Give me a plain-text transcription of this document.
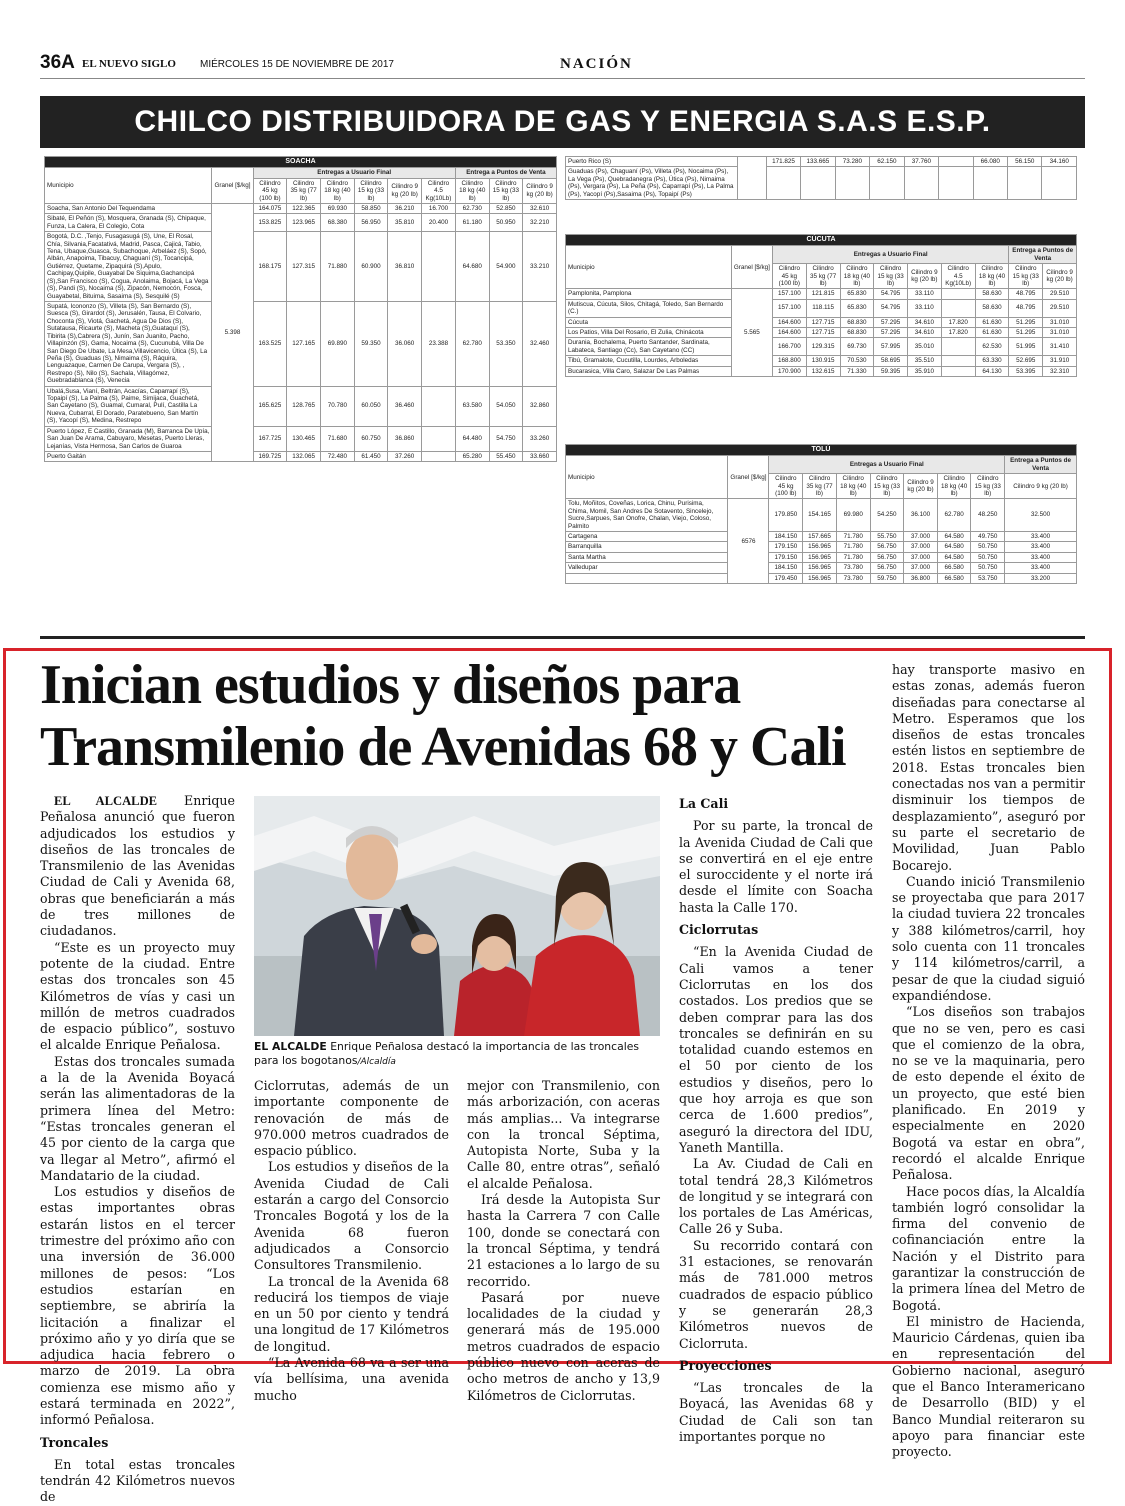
36A EL NUEVO SIGLO MIÉRCOLES 15 DE NOVIEMBRE DE 2017	NACIÓN
CHILCO DISTRIBUIDORA DE GAS Y ENERGIA S.A.S E.S.P.
SOACHA										
Municipio	Granel [$/kg]	Entregas a Usuario Final						Entrega a Puntos de Venta		
		Cilindro 45 kg (100 lb)	Cilindro 35 kg (77 lb)	Cilindro 18 kg (40 lb)	Cilindro 15 kg (33 lb)	Cilindro 9 kg (20 lb)	Cilindro 4.5 Kg(10Lb)	Cilindro 18 kg (40 lb)	Cilindro 15 kg (33 lb)	Cilindro 9 kg (20 lb)
Soacha, San Antonio Del Tequendama	5.398	164.075	122.365	69.930	58.850	36.210	16.700	62.730	52.850	32.610
Sibaté, El Peñón (S), Mosquera, Granada (S), Chipaque, Funza, La Calera, El Colegio, Cota		153.825	123.965	68.380	56.950	35.810	20.400	61.180	50.950	32.210
Bogotá, D.C. ,Tenjo, Fusagasugá (S), Une, El Rosal, Chía, Silvania,Facatativá, Madrid, Pasca, Cajicá, Tabio, Tena, Ubaque,Guasca, Subachoque, Arbeláez (S), Sopó, Albán, Anapoima, Tibacuy, Chaguaní (S), Tocancipá, Gutiérrez, Quetame, Zipaquirá (S),Apulo, Cachipay,Quipile, Guayabal De Siquima,Gachancipá (S),San Francisco (S), Cogua, Anolaima, Bojacá, La Vega (S), Pandi (S), Nocaima (S), Zipacón, Nemocón, Fosca, Guayabetal, Bituima, Sasaima (S), Sesquilé (S)		168.175	127.315	71.880	60.900	36.810		64.680	54.900	33.210
Supatá, Icononzo (S), Villeta (S), San Bernardo (S), Suesca (S), Girardot (S), Jerusalén, Tausa, El Colvario, Choconta (S), Viotá, Gachetá, Agua De Dios (S), Sutatausa, Ricaurte (S), Macheta (S),Guataquí (S), Tibirita (S),Cabrera (S), Junín, San Juanito, Pacho, Villapinzón (S), Gama, Nocaima (S), Cucunubá, Villa De San Diego De Ubate, La Mesa,Villavicencio, Útica (S), La Peña (S), Guaduas (S), Nimaima (S), Ráquira, Lenguazaque, Carmen De Carupa, Vergara (S), , Restrepo (S), Nilo (S), Sachala, Villagómez, Guebradablanca (S), Venecia		163.525	127.165	69.890	59.350	36.060	23.388	62.780	53.350	32.460
Ubalá,Susa, Vianí, Beltrán, Acacías, Caparrapí (S), Topaipí (S), La Palma (S), Paime, Simijaca, Guachetá, San Cayetano (S), Guamal, Cumaral, Pulí, Castilla La Nueva, Cubarral, El Dorado, Paratebueno, San Martín (S), Yacopí (S), Medina, Restrepo		165.625	128.765	70.780	60.050	36.460		63.580	54.050	32.860
Puerto López, E Castillo, Granada (M), Barranca De Upía, San Juan De Arama, Cabuyaro, Mesetas, Puerto Lleras, Lejanías, Vista Hermosa, San Carlos de Guaroa		167.725	130.465	71.680	60.750	36.860		64.480	54.750	33.260
Puerto Gaitán		169.725	132.065	72.480	61.450	37.260		65.280	55.450	33.660
Puerto Rico (S)		171.825	133.665	73.280	62.150	37.760		66.080	56.150	34.160
Guaduas (Ps), Chaguaní (Ps), Villeta (Ps), Nocaima (Ps), La Vega (Ps), Quebradanegra (Ps), Útica (Ps), Nimaima (Ps), Vergara (Ps), La Peña (Ps), Caparrapí (Ps), La Palma (Ps), Yacopí (Ps),Sasaima (Ps), Topaipí (Ps)										
CÚCUTA										
Municipio	Granel [$/kg]	Entregas a Usuario Final							Entrega a Puntos de Venta	
		Cilindro 45 kg (100 lb)	Cilindro 35 kg (77 lb)	Cilindro 18 kg (40 lb)	Cilindro 15 kg (33 lb)	Cilindro 9 kg (20 lb)	Cilindro 4.5 Kg(10Lb)	Cilindro 18 kg (40 lb)	Cilindro 15 kg (33 lb)	Cilindro 9 kg (20 lb)
Pamplonita, Pamplona	5.565	157.100	121.815	65.830	54.795	33.110		58.630	48.795	29.510
Mutiscua, Cúcuta, Silos, Chitagá, Toledo, San Bernardo (C.)		157.100	118.115	65.830	54.795	33.110		58.630	48.795	29.510
Cúcuta		164.600	127.715	68.830	57.295	34.610	17.820	61.630	51.295	31.010
Los Patios, Villa Del Rosario, El Zulia, Chinácota		164.600	127.715	68.830	57.295	34.610	17.820	61.630	51.295	31.010
Durania, Bochalema, Puerto Santander, Sardinata, Labateca, Santiago (Cc), San Cayetano (CC)		166.700	129.315	69.730	57.995	35.010		62.530	51.995	31.410
Tibú, Gramalote, Cucutilla, Lourdes, Arboledas		168.800	130.915	70.530	58.695	35.510		63.330	52.695	31.910
Bucarasica, Villa Caro, Salazar De Las Palmas		170.900	132.615	71.330	59.395	35.910		64.130	53.395	32.310
TOLÚ									
Municipio	Granel [$/kg]	Entregas a Usuario Final							Entrega a Puntos de Venta
		Cilindro 45 kg (100 lb)	Cilindro 35 kg (77 lb)	Cilindro 18 kg (40 lb)	Cilindro 15 kg (33 lb)	Cilindro 9 kg (20 lb)	Cilindro 18 kg (40 lb)	Cilindro 15 kg (33 lb)	Cilindro 9 kg (20 lb)
Tolu, Moñitos, Coveñas, Lorica, Chinu, Purisima, Chima, Momil, San Andres De Sotavento, Sincelejo, Sucre,Sarpues, San Onofre, Chalan, Viejo, Coloso, Palmito	6576	179.850	154.165	69.980	54.250	36.100	62.780	48.250	32.500
Cartagena		184.150	157.665	71.780	55.750	37.000	64.580	49.750	33.400
Barranquilla		179.150	156.965	71.780	56.750	37.000	64.580	50.750	33.400
Santa Martha		179.150	156.965	71.780	56.750	37.000	64.580	50.750	33.400
Valledupar		184.150	156.965	73.780	56.750	37.000	66.580	50.750	33.400
		179.450	156.965	73.780	59.750	36.800	66.580	53.750	33.200
Inician estudios y diseños para
Transmilenio de Avenidas 68 y Cali

EL ALCALDE Enrique Peñalosa anunció que fueron adjudicados los estudios y diseños de las troncales de Transmilenio de las Avenidas Ciudad de Cali y Avenida 68, obras que beneficiarán a más de tres millones de ciudadanos.

“Este es un proyecto muy potente de la ciudad. Entre estas dos troncales son 45 Kilómetros de vías y casi un millón de metros cuadrados de espacio público”, sostuvo el alcalde Enrique Peñalosa.

Estas dos troncales sumada a la de la Avenida Boyacá serán las alimentadoras de la primera línea del Metro: “Estas troncales generan el 45 por ciento de la carga que va llegar al Metro”, afirmó el Mandatario de la ciudad.

Los estudios y diseños de estas importantes obras estarán listos en el tercer trimestre del próximo año con una inversión de 36.000 millones de pesos: “Los estudios estarían en septiembre, se abriría la licitación a finalizar el próximo año y yo diría que se adjudica hacia febrero o marzo de 2019. La obra comienza ese mismo año y estará terminada en 2022”, informó Peñalosa.

Troncales

En total estas troncales tendrán 42 Kilómetros nuevos de

EL ALCALDE Enrique Peñalosa destacó la importancia de las troncales para los bogotanos/Alcaldía

Ciclorrutas, además de un importante componente de renovación de más de 970.000 metros cuadrados de espacio público.

Los estudios y diseños de la Avenida Ciudad de Cali estarán a cargo del Consorcio Troncales Bogotá y los de la Avenida 68 fueron adjudicados a Consorcio Consultores Transmilenio.

La troncal de la Avenida 68 reducirá los tiempos de viaje en un 50 por ciento y tendrá una longitud de 17 Kilómetros de longitud.

“La Avenida 68 va a ser una vía bellísima, una avenida mucho

mejor con Transmilenio, con más arborización, con aceras más amplias... Va integrarse con la troncal Séptima, Autopista Norte, Suba y la Calle 80, entre otras”, señaló el alcalde Peñalosa.

Irá desde la Autopista Sur hasta la Carrera 7 con Calle 100, donde se conectará con la troncal Séptima, y tendrá 21 estaciones a lo largo de su recorrido.

Pasará por nueve localidades de la ciudad y generará más de 195.000 metros cuadrados de espacio público nuevo con aceras de ocho metros de ancho y 13,9 Kilómetros de Ciclorrutas.

La Cali

Por su parte, la troncal de la Avenida Ciudad de Cali que se convertirá en el eje entre el suroccidente y el norte irá desde el límite con Soacha hasta la Calle 170.

Ciclorrutas

“En la Avenida Ciudad de Cali vamos a tener Ciclorrutas en los dos costados. Los predios que se deben comprar para las dos troncales se definirán en su totalidad cuando estemos en el 50 por ciento de los estudios y diseños, pero lo que hoy arroja es que son cerca de 1.600 predios”, aseguró la directora del IDU, Yaneth Mantilla.

La Av. Ciudad de Cali en total tendrá 28,3 Kilómetros de longitud y se integrará con los portales de Las Américas, Calle 26 y Suba.

Su recorrido contará con 31 estaciones, se renovarán más de 781.000 metros cuadrados de espacio público y se generarán 28,3 Kilómetros nuevos de Ciclorruta.

Proyecciones

“Las troncales de la Boyacá, las Avenidas 68 y Ciudad de Cali son tan importantes porque no

hay transporte masivo en estas zonas, además fueron diseñadas para conectarse al Metro. Esperamos que los diseños de estas troncales estén listos en septiembre de 2018. Estas troncales bien conectadas nos van a permitir disminuir los tiempos de desplazamiento”, aseguró por su parte el secretario de Movilidad, Juan Pablo Bocarejo.

Cuando inició Transmilenio se proyectaba que para 2017 la ciudad tuviera 22 troncales y 388 kilómetros/carril, hoy solo cuenta con 11 troncales y 114 kilómetros/carril, a pesar de que la ciudad siguió expandiéndose.

“Los diseños son trabajos que no se ven, pero es casi que el comienzo de la obra, no se ve la maquinaria, pero de esto depende el éxito de un proyecto, que esté bien planificado. En 2019 y especialmente en 2020 Bogotá va estar en obra”, recordó el alcalde Enrique Peñalosa.

Hace pocos días, la Alcaldía también logró consolidar la firma del convenio de cofinanciación entre la Nación y el Distrito para garantizar la construcción de la primera línea del Metro de Bogotá.

El ministro de Hacienda, Mauricio Cárdenas, quien iba en representación del Gobierno nacional, aseguró que el Banco Interamericano de Desarrollo (BID) y el Banco Mundial reiteraron su apoyo para financiar este proyecto.
